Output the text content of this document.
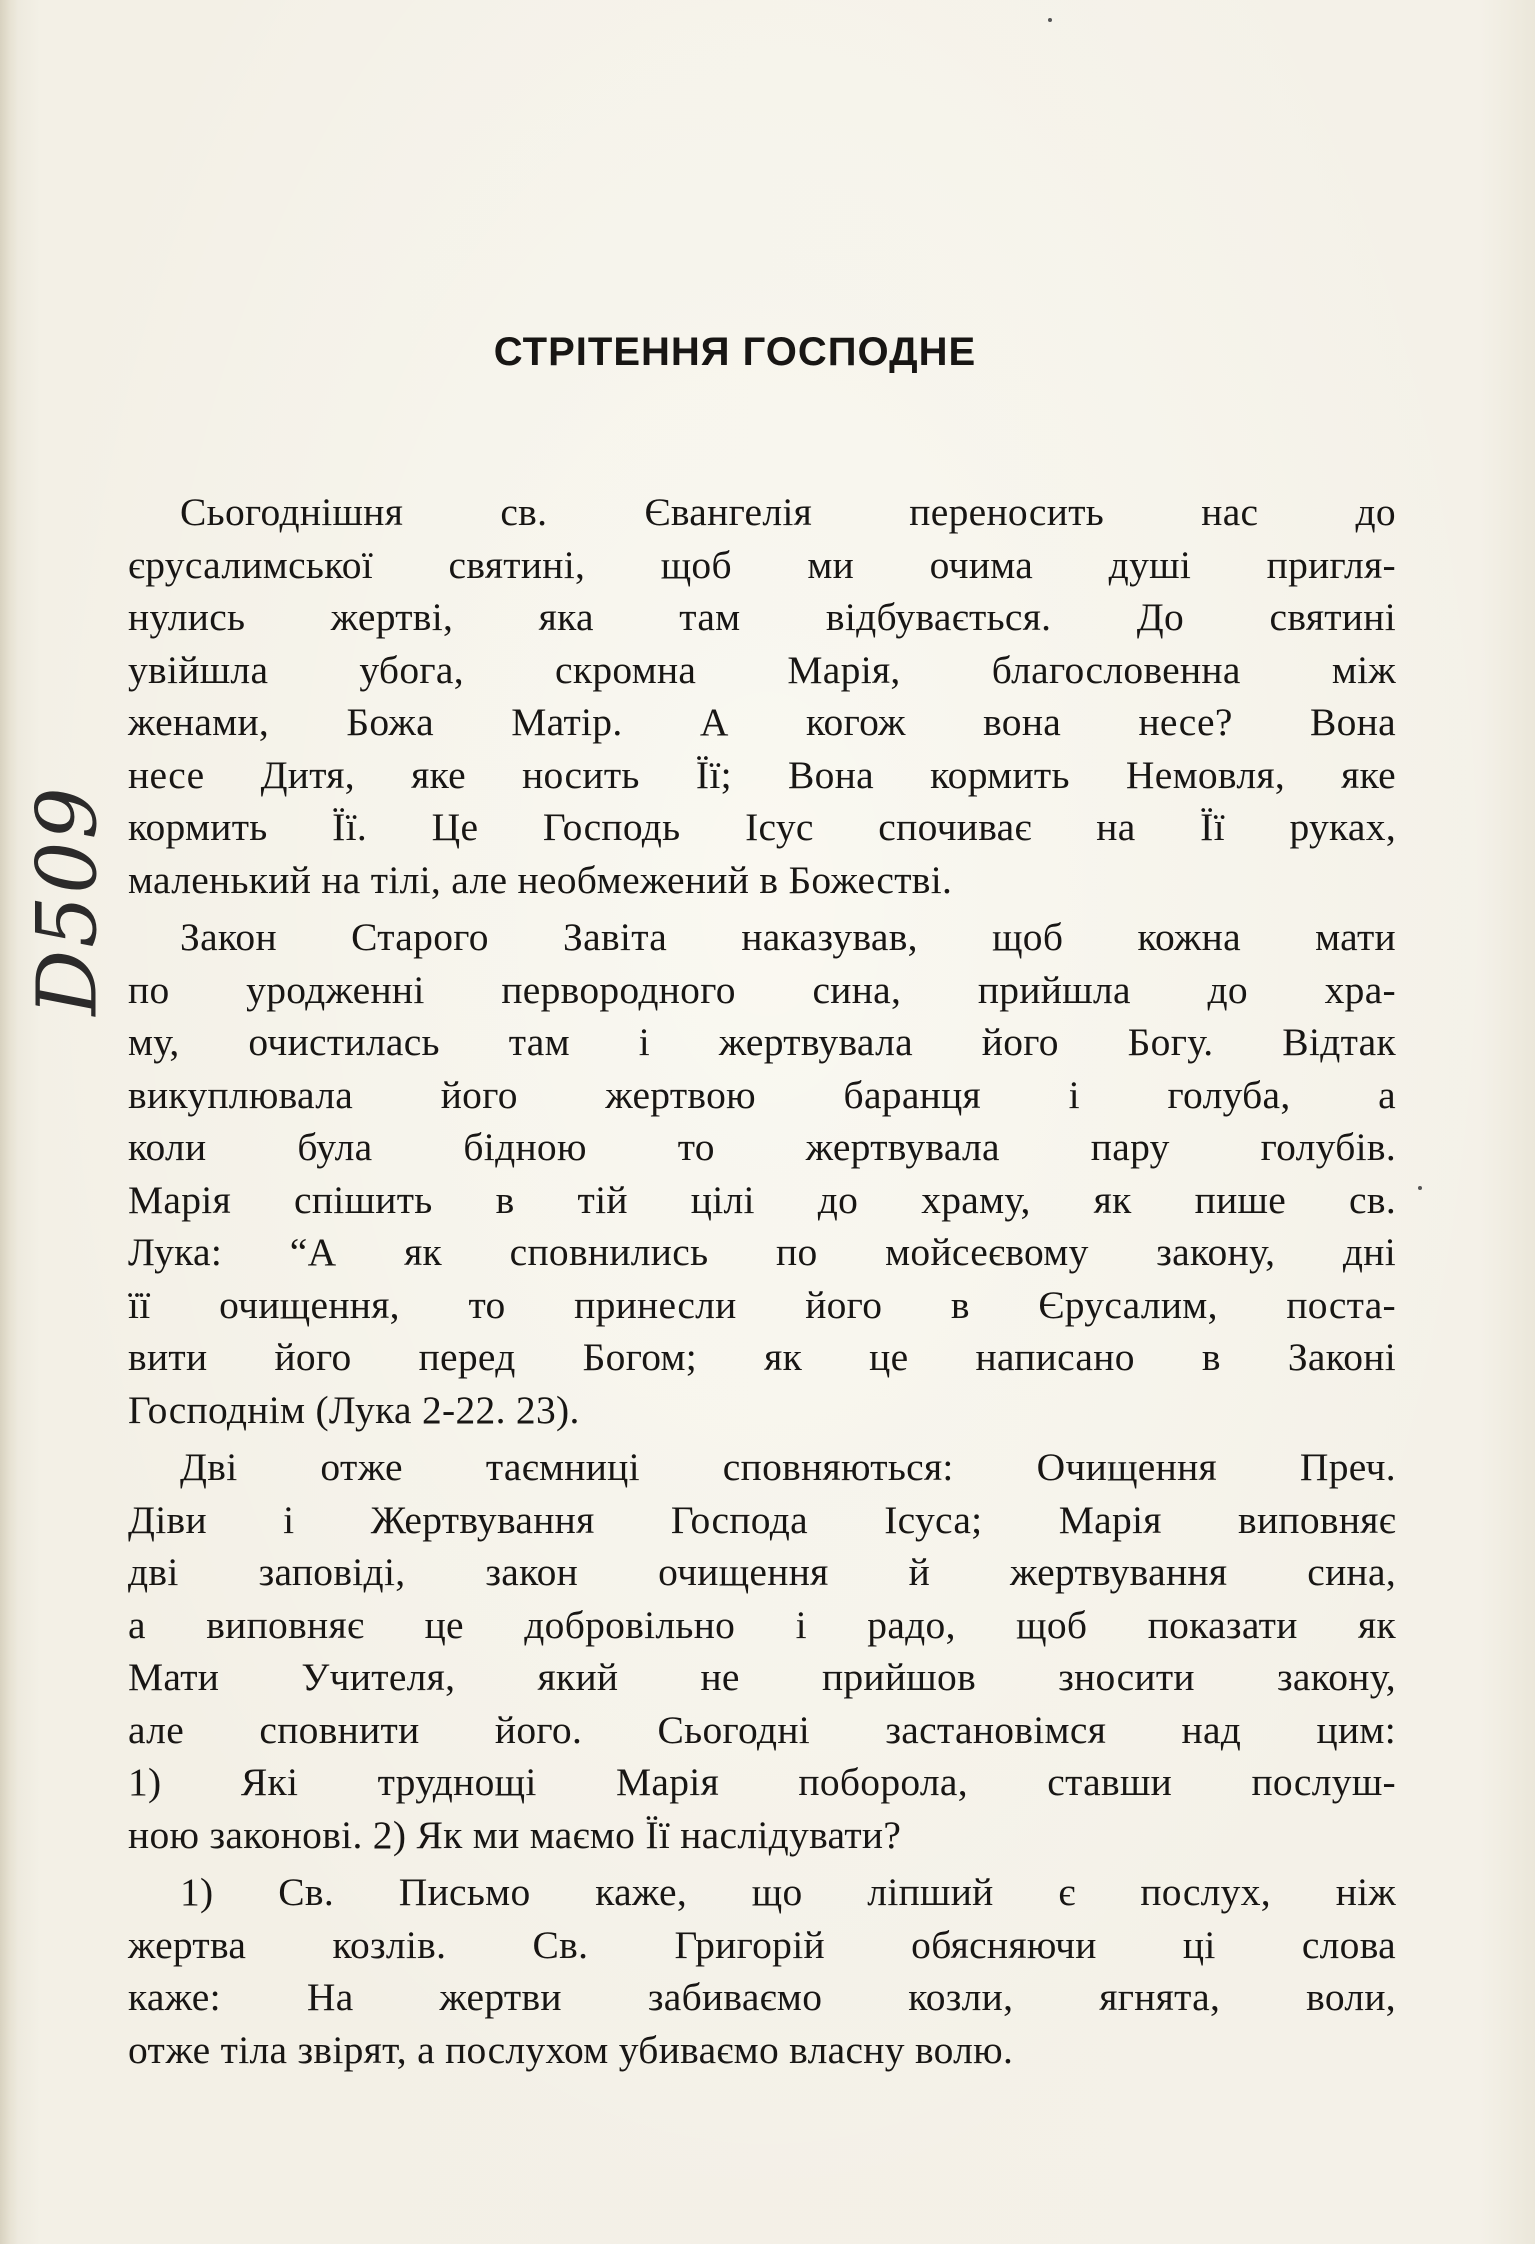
D509
СТРІТЕННЯ ГОСПОДНЕ
Сьогоднішня св. Євангелія переносить нас до
єрусалимської святині, щоб ми очима душі пригля-
нулись жертві, яка там відбувається. До святині
увійшла убога, скромна Марія, благословенна між
женами, Божа Матір. А когож вона несе? Вона
несе Дитя, яке носить Її; Вона кормить Немовля, яке
кормить Її. Це Господь Ісус спочиває на Її руках,
маленький на тілі, але необмежений в Божестві.
Закон Старого Завіта наказував, щоб кожна мати
по уродженні первородного сина, прийшла до хра-
му, очистилась там і жертвувала його Богу. Відтак
викуплювала його жертвою баранця і голуба, а
коли була бідною то жертвувала пару голубів.
Марія спішить в тій цілі до храму, як пише св.
Лука: “А як сповнились по мойсеєвому закону, дні
її очищення, то принесли його в Єрусалим, поста-
вити його перед Богом; як це написано в Законі
Господнім (Лука 2-22. 23).
Дві отже таємниці сповняються: Очищення Преч.
Діви і Жертвування Господа Ісуса; Марія виповняє
дві заповіді, закон очищення й жертвування сина,
а виповняє це добровільно і радо, щоб показати як
Мати Учителя, який не прийшов зносити закону,
але сповнити його. Сьогодні застановімся над цим:
1) Які труднощі Марія поборола, ставши послуш-
ною законові. 2) Як ми маємо Її наслідувати?
1) Св. Письмо каже, що ліпший є послух, ніж
жертва козлів. Св. Григорій обясняючи ці слова
каже: На жертви забиваємо козли, ягнята, воли,
отже тіла звірят, а послухом убиваємо власну волю.
